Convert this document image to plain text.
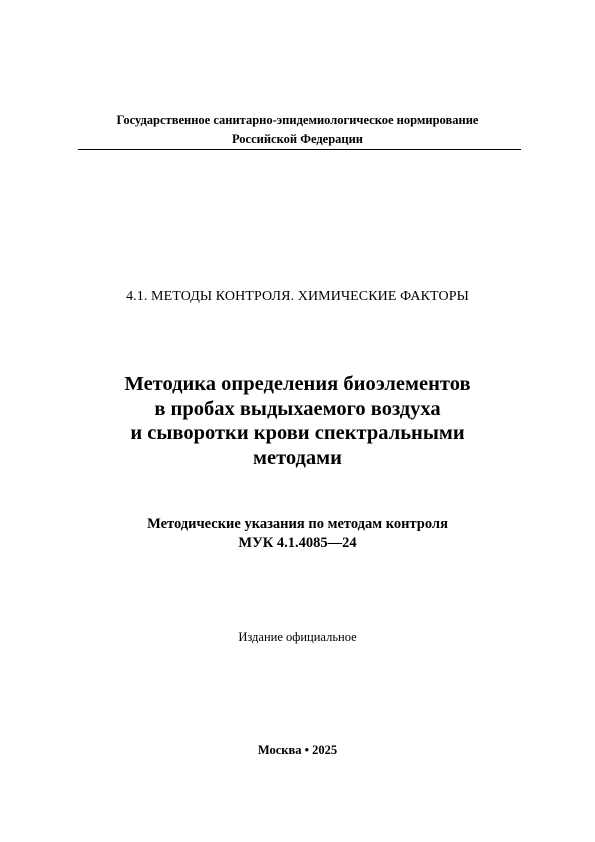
Государственное санитарно-эпидемиологическое нормирование
Российской Федерации
4.1. МЕТОДЫ КОНТРОЛЯ. ХИМИЧЕСКИЕ ФАКТОРЫ
Методика определения биоэлементов
в пробах выдыхаемого воздуха
и сыворотки крови спектральными
методами
Методические указания по методам контроля
МУК 4.1.4085—24
Издание официальное
Москва • 2025
